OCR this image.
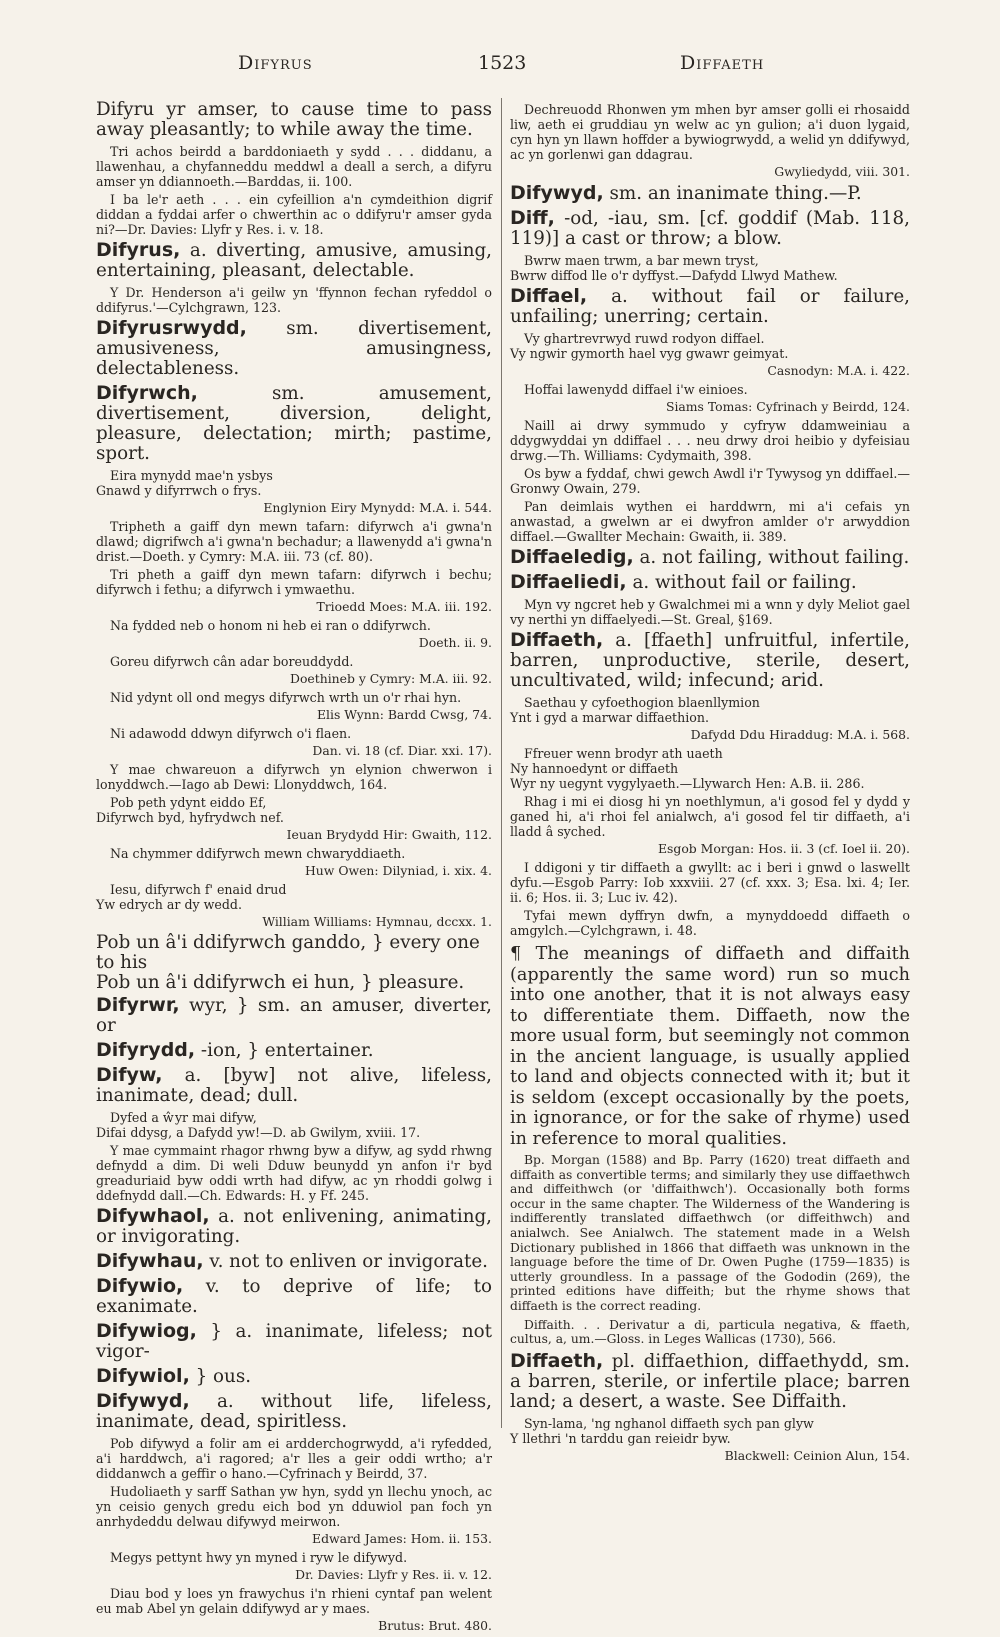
Difyrus	1523	Diffaeth
Difyru yr amser, to cause time to pass away pleasantly; to while away the time.
Tri achos beirdd a barddoniaeth y sydd . . . diddanu, a llawenhau, a chyfanneddu meddwl a deall a serch, a difyru amser yn ddiannoeth.—Barddas, ii. 100.
I ba le'r aeth . . . ein cyfeillion a'n cymdeithion digrif diddan a fyddai arfer o chwerthin ac o ddifyru'r amser gyda ni?—Dr. Davies: Llyfr y Res. i. v. 18.
Difyrus, a. diverting, amusive, amusing, entertaining, pleasant, delectable.
Y Dr. Henderson a'i geilw yn 'ffynnon fechan ryfeddol o ddifyrus.'—Cylchgrawn, 123.
Difyrusrwydd, sm. divertisement, amusiveness, amusingness, delectableness.
Difyrwch, sm. amusement, divertisement, diversion, delight, pleasure, delectation; mirth; pastime, sport.
Eira mynydd mae'n ysbys
Gnawd y difyrrwch o frys.
Englynion Eiry Mynydd: M.A. i. 544.
Tripheth a gaiff dyn mewn tafarn: difyrwch a'i gwna'n dlawd; digrifwch a'i gwna'n bechadur; a llawenydd a'i gwna'n drist.—Doeth. y Cymry: M.A. iii. 73 (cf. 80).
Tri pheth a gaiff dyn mewn tafarn: difyrwch i bechu; difyrwch i fethu; a difyrwch i ymwaethu.
Trioedd Moes: M.A. iii. 192.
Na fydded neb o honom ni heb ei ran o ddifyrwch.
Doeth. ii. 9.
Goreu difyrwch cân adar boreuddydd.
Doethineb y Cymry: M.A. iii. 92.
Nid ydynt oll ond megys difyrwch wrth un o'r rhai hyn.
Elis Wynn: Bardd Cwsg, 74.
Ni adawodd ddwyn difyrwch o'i flaen.
Dan. vi. 18 (cf. Diar. xxi. 17).
Y mae chwareuon a difyrwch yn elynion chwerwon i lonyddwch.—Iago ab Dewi: Llonyddwch, 164.
Pob peth ydynt eiddo Ef,
Difyrwch byd, hyfrydwch nef.
Ieuan Brydydd Hir: Gwaith, 112.
Na chymmer ddifyrwch mewn chwaryddiaeth.
Huw Owen: Dilyniad, i. xix. 4.
Iesu, difyrwch f' enaid drud
Yw edrych ar dy wedd.
William Williams: Hymnau, dccxx. 1.
Pob un â'i ddifyrwch ganddo, } every one to his
Pob un â'i ddifyrwch ei hun, } pleasure.
Difyrwr, wyr, } sm. an amuser, diverter, or
Difyrydd, -ion, } entertainer.
Difyw, a. [byw] not alive, lifeless, inanimate, dead; dull.
Dyfed a ŵyr mai difyw,
Difai ddysg, a Dafydd yw!—D. ab Gwilym, xviii. 17.
Y mae cymmaint rhagor rhwng byw a difyw, ag sydd rhwng defnydd a dim. Di weli Dduw beunydd yn anfon i'r byd greaduriaid byw oddi wrth had difyw, ac yn rhoddi golwg i ddefnydd dall.—Ch. Edwards: H. y Ff. 245.
Difywhaol, a. not enlivening, animating, or invigorating.
Difywhau, v. not to enliven or invigorate.
Difywio, v. to deprive of life; to exanimate.
Difywiog, } a. inanimate, lifeless; not vigor-
Difywiol, } ous.
Difywyd, a. without life, lifeless, inanimate, dead, spiritless.
Pob difywyd a folir am ei ardderchogrwydd, a'i ryfedded, a'i harddwch, a'i ragored; a'r lles a geir oddi wrtho; a'r diddanwch a geffir o hano.—Cyfrinach y Beirdd, 37.
Hudoliaeth y sarff Sathan yw hyn, sydd yn llechu ynoch, ac yn ceisio genych gredu eich bod yn dduwiol pan foch yn anrhydeddu delwau difywyd meirwon.
Edward James: Hom. ii. 153.
Megys pettynt hwy yn myned i ryw le difywyd.
Dr. Davies: Llyfr y Res. ii. v. 12.
Diau bod y loes yn frawychus i'n rhieni cyntaf pan welent eu mab Abel yn gelain ddifywyd ar y maes.
Brutus: Brut. 480.
Dechreuodd Rhonwen ym mhen byr amser golli ei rhosaidd liw, aeth ei gruddiau yn welw ac yn gulion; a'i duon lygaid, cyn hyn yn llawn hoffder a bywiogrwydd, a welid yn ddifywyd, ac yn gorlenwi gan ddagrau.
Gwyliedydd, viii. 301.
Difywyd, sm. an inanimate thing.—P.
Diff, -od, -iau, sm. [cf. goddif (Mab. 118, 119)] a cast or throw; a blow.
Bwrw maen trwm, a bar mewn tryst,
Bwrw diffod lle o'r dyffyst.—Dafydd Llwyd Mathew.
Diffael, a. without fail or failure, unfailing; unerring; certain.
Vy ghartrevrwyd ruwd rodyon diffael.
Vy ngwir gymorth hael vyg gwawr geimyat.
Casnodyn: M.A. i. 422.
Hoffai lawenydd diffael i'w einioes.
Siams Tomas: Cyfrinach y Beirdd, 124.
Naill ai drwy symmudo y cyfryw ddamweiniau a ddygwyddai yn ddiffael . . . neu drwy droi heibio y dyfeisiau drwg.—Th. Williams: Cydymaith, 398.
Os byw a fyddaf, chwi gewch Awdl i'r Tywysog yn ddiffael.—Gronwy Owain, 279.
Pan deimlais wythen ei harddwrn, mi a'i cefais yn anwastad, a gwelwn ar ei dwyfron amlder o'r arwyddion diffael.—Gwallter Mechain: Gwaith, ii. 389.
Diffaeledig, a. not failing, without failing.
Diffaeliedi, a. without fail or failing.
Myn vy ngcret heb y Gwalchmei mi a wnn y dyly Meliot gael vy nerthi yn diffaelyedi.—St. Greal, §169.
Diffaeth, a. [ffaeth] unfruitful, infertile, barren, unproductive, sterile, desert, uncultivated, wild; infecund; arid.
Saethau y cyfoethogion blaenllymion
Ynt i gyd a marwar diffaethion.
Dafydd Ddu Hiraddug: M.A. i. 568.
Ffreuer wenn brodyr ath uaeth
Ny hannoedynt or diffaeth
Wyr ny uegynt vygylyaeth.—Llywarch Hen: A.B. ii. 286.
Rhag i mi ei diosg hi yn noethlymun, a'i gosod fel y dydd y ganed hi, a'i rhoi fel anialwch, a'i gosod fel tir diffaeth, a'i lladd â syched.
Esgob Morgan: Hos. ii. 3 (cf. Ioel ii. 20).
I ddigoni y tir diffaeth a gwyllt: ac i beri i gnwd o laswellt dyfu.—Esgob Parry: Iob xxxviii. 27 (cf. xxx. 3; Esa. lxi. 4; Ier. ii. 6; Hos. ii. 3; Luc iv. 42).
Tyfai mewn dyffryn dwfn, a mynyddoedd diffaeth o amgylch.—Cylchgrawn, i. 48.
¶ The meanings of diffaeth and diffaith (apparently the same word) run so much into one another, that it is not always easy to differentiate them. Diffaeth, now the more usual form, but seemingly not common in the ancient language, is usually applied to land and objects connected with it; but it is seldom (except occasionally by the poets, in ignorance, or for the sake of rhyme) used in reference to moral qualities.
Bp. Morgan (1588) and Bp. Parry (1620) treat diffaeth and diffaith as convertible terms; and similarly they use diffaethwch and diffeithwch (or 'diffaithwch'). Occasionally both forms occur in the same chapter. The Wilderness of the Wandering is indifferently translated diffaethwch (or diffeithwch) and anialwch. See Anialwch. The statement made in a Welsh Dictionary published in 1866 that diffaeth was unknown in the language before the time of Dr. Owen Pughe (1759—1835) is utterly groundless. In a passage of the Gododin (269), the printed editions have diffeith; but the rhyme shows that diffaeth is the correct reading.
Diffaith. . . Derivatur a di, particula negativa, & ffaeth, cultus, a, um.—Gloss. in Leges Wallicas (1730), 566.
Diffaeth, pl. diffaethion, diffaethydd, sm. a barren, sterile, or infertile place; barren land; a desert, a waste. See Diffaith.
Syn-lama, 'ng nghanol diffaeth sych pan glyw
Y llethri 'n tarddu gan reieidr byw.
Blackwell: Ceinion Alun, 154.
